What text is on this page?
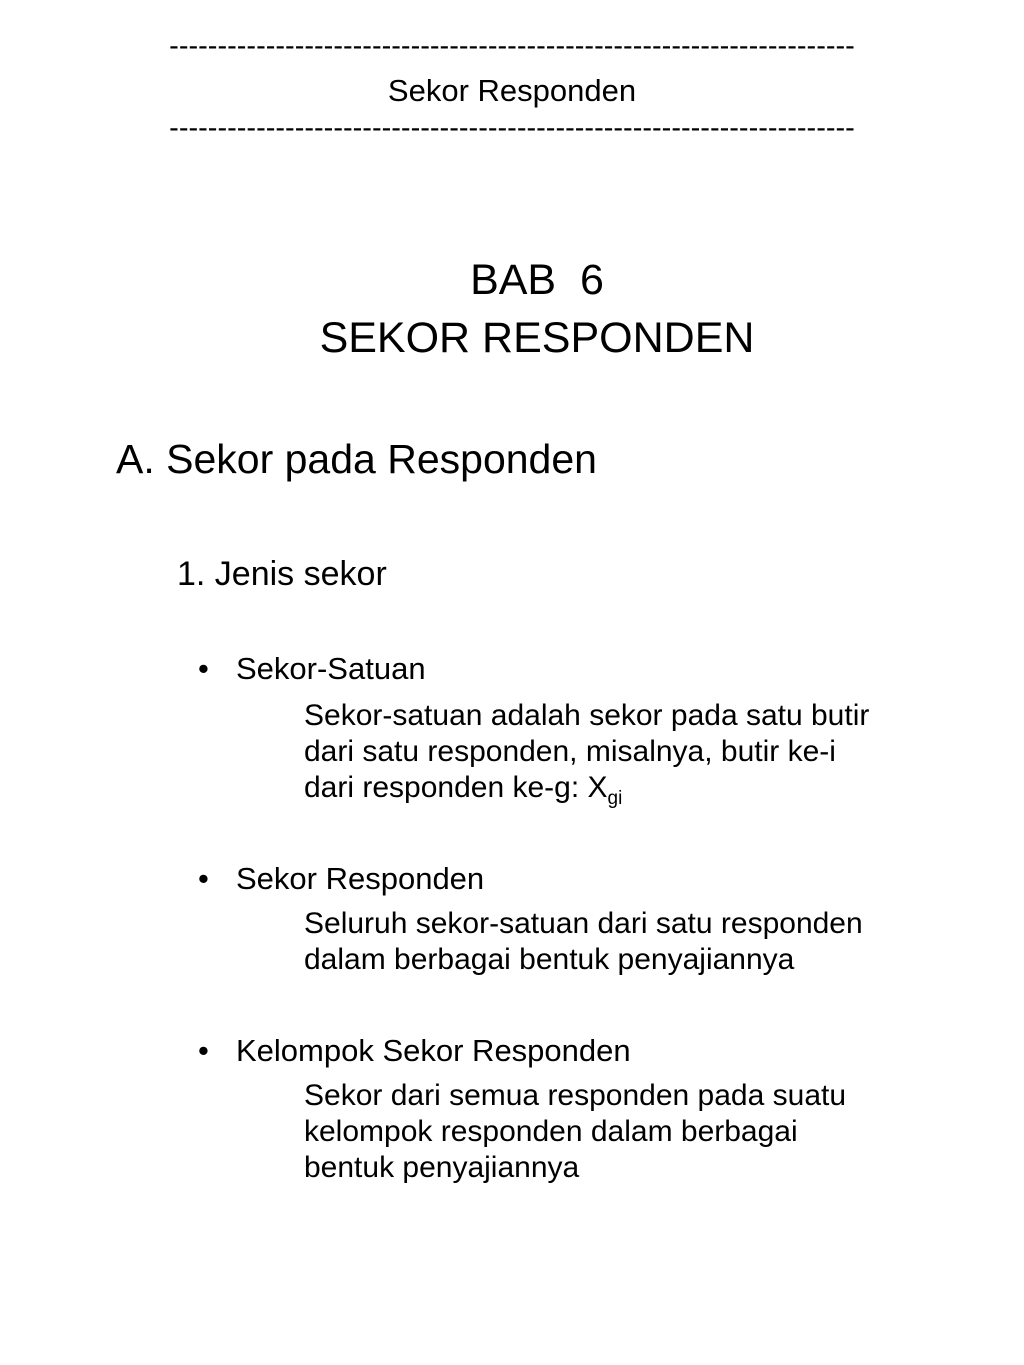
-----------------------------------------------------------------------
Sekor Responden
-----------------------------------------------------------------------
BAB  6
SEKOR RESPONDEN
A. Sekor pada Responden
1. Jenis sekor
• Sekor-Satuan
Sekor-satuan adalah sekor pada satu butir
dari satu responden, misalnya, butir ke-i
dari responden ke-g: $X_{gi}$
• Sekor Responden
Seluruh sekor-satuan dari satu responden
dalam berbagai bentuk penyajiannya
• Kelompok Sekor Responden
Sekor dari semua responden pada suatu
kelompok responden dalam berbagai
bentuk penyajiannya
